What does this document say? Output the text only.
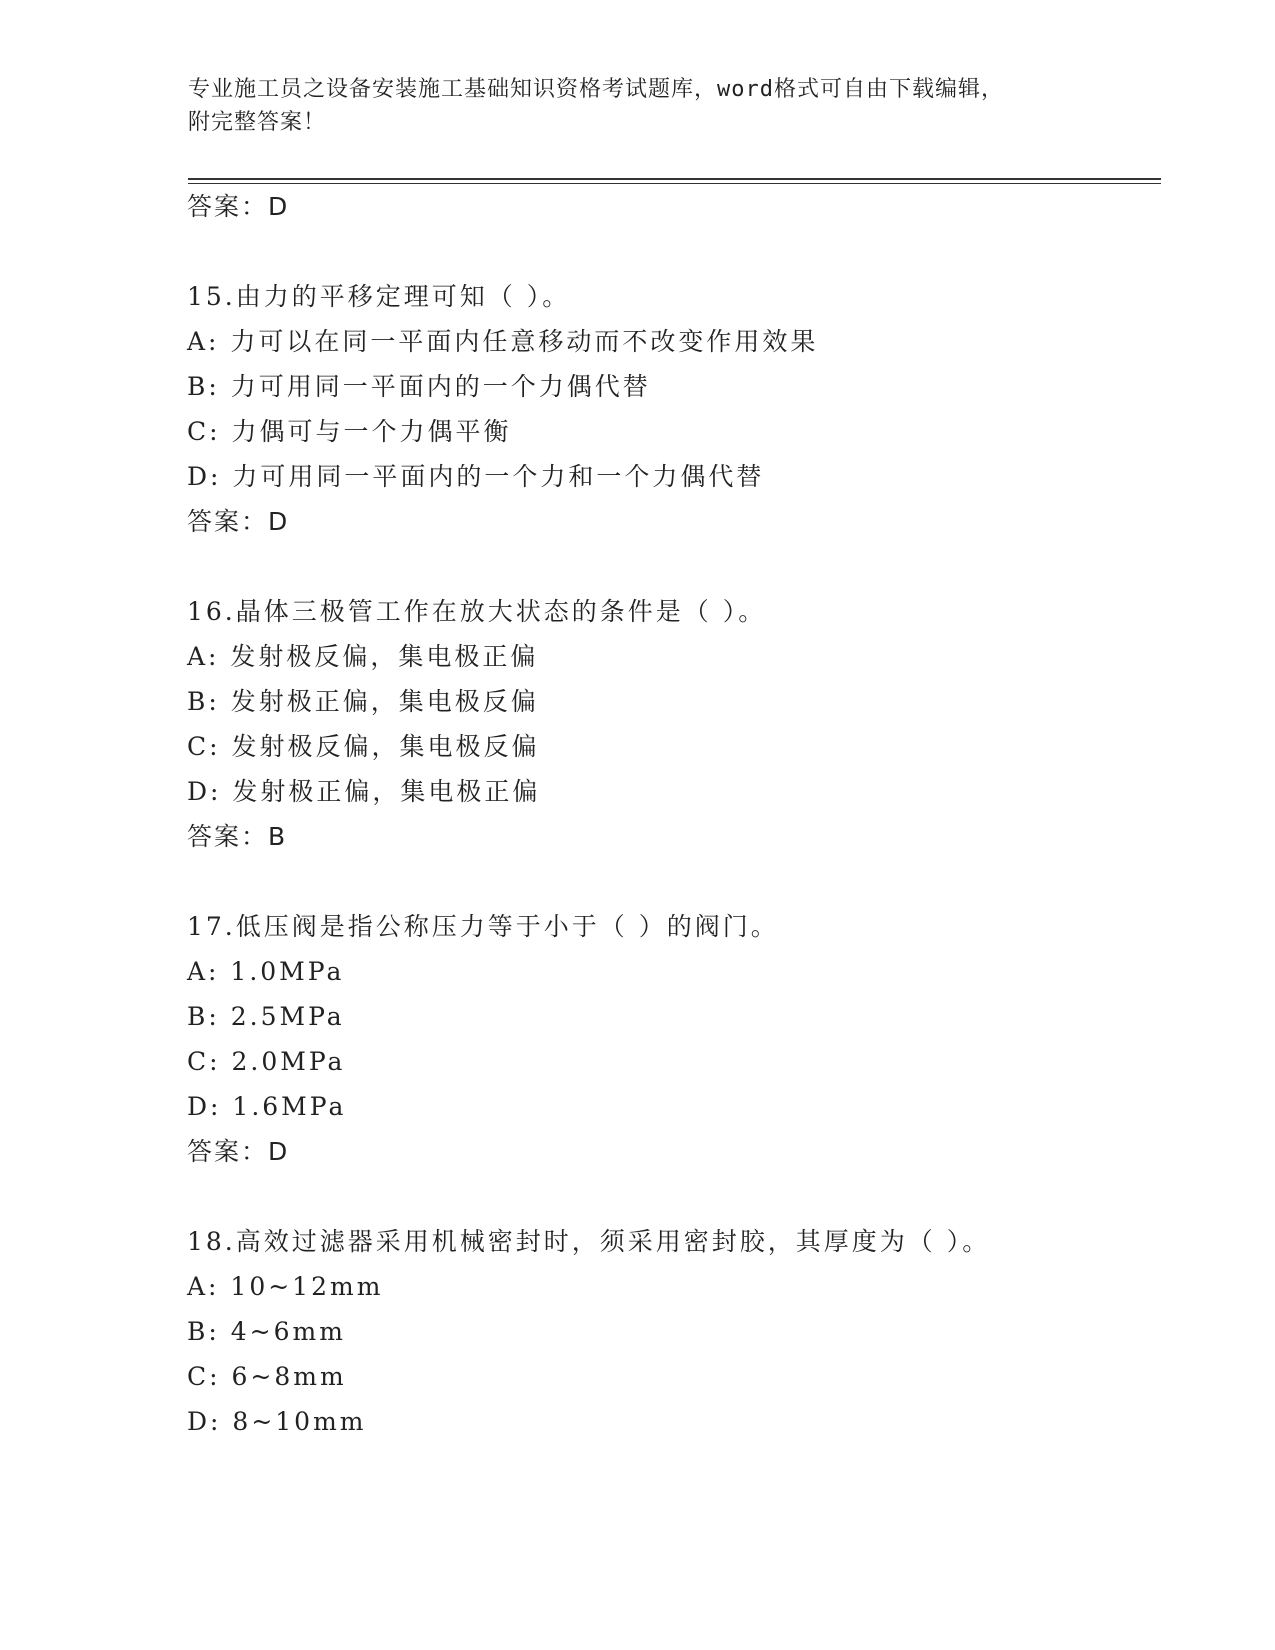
专业施工员之设备安装施工基础知识资格考试题库，word格式可自由下载编辑，
附完整答案！
答案：D
15.由力的平移定理可知（ ）。
A: 力可以在同一平面内任意移动而不改变作用效果
B: 力可用同一平面内的一个力偶代替
C: 力偶可与一个力偶平衡
D: 力可用同一平面内的一个力和一个力偶代替
答案：D
16.晶体三极管工作在放大状态的条件是（ ）。
A: 发射极反偏，集电极正偏
B: 发射极正偏，集电极反偏
C: 发射极反偏，集电极反偏
D: 发射极正偏，集电极正偏
答案：B
17.低压阀是指公称压力等于小于（ ）的阀门。
A: 1.0MPa
B: 2.5MPa
C: 2.0MPa
D: 1.6MPa
答案：D
18.高效过滤器采用机械密封时，须采用密封胶，其厚度为（ ）。
A: 10~12mm
B: 4~6mm
C: 6~8mm
D: 8~10mm
